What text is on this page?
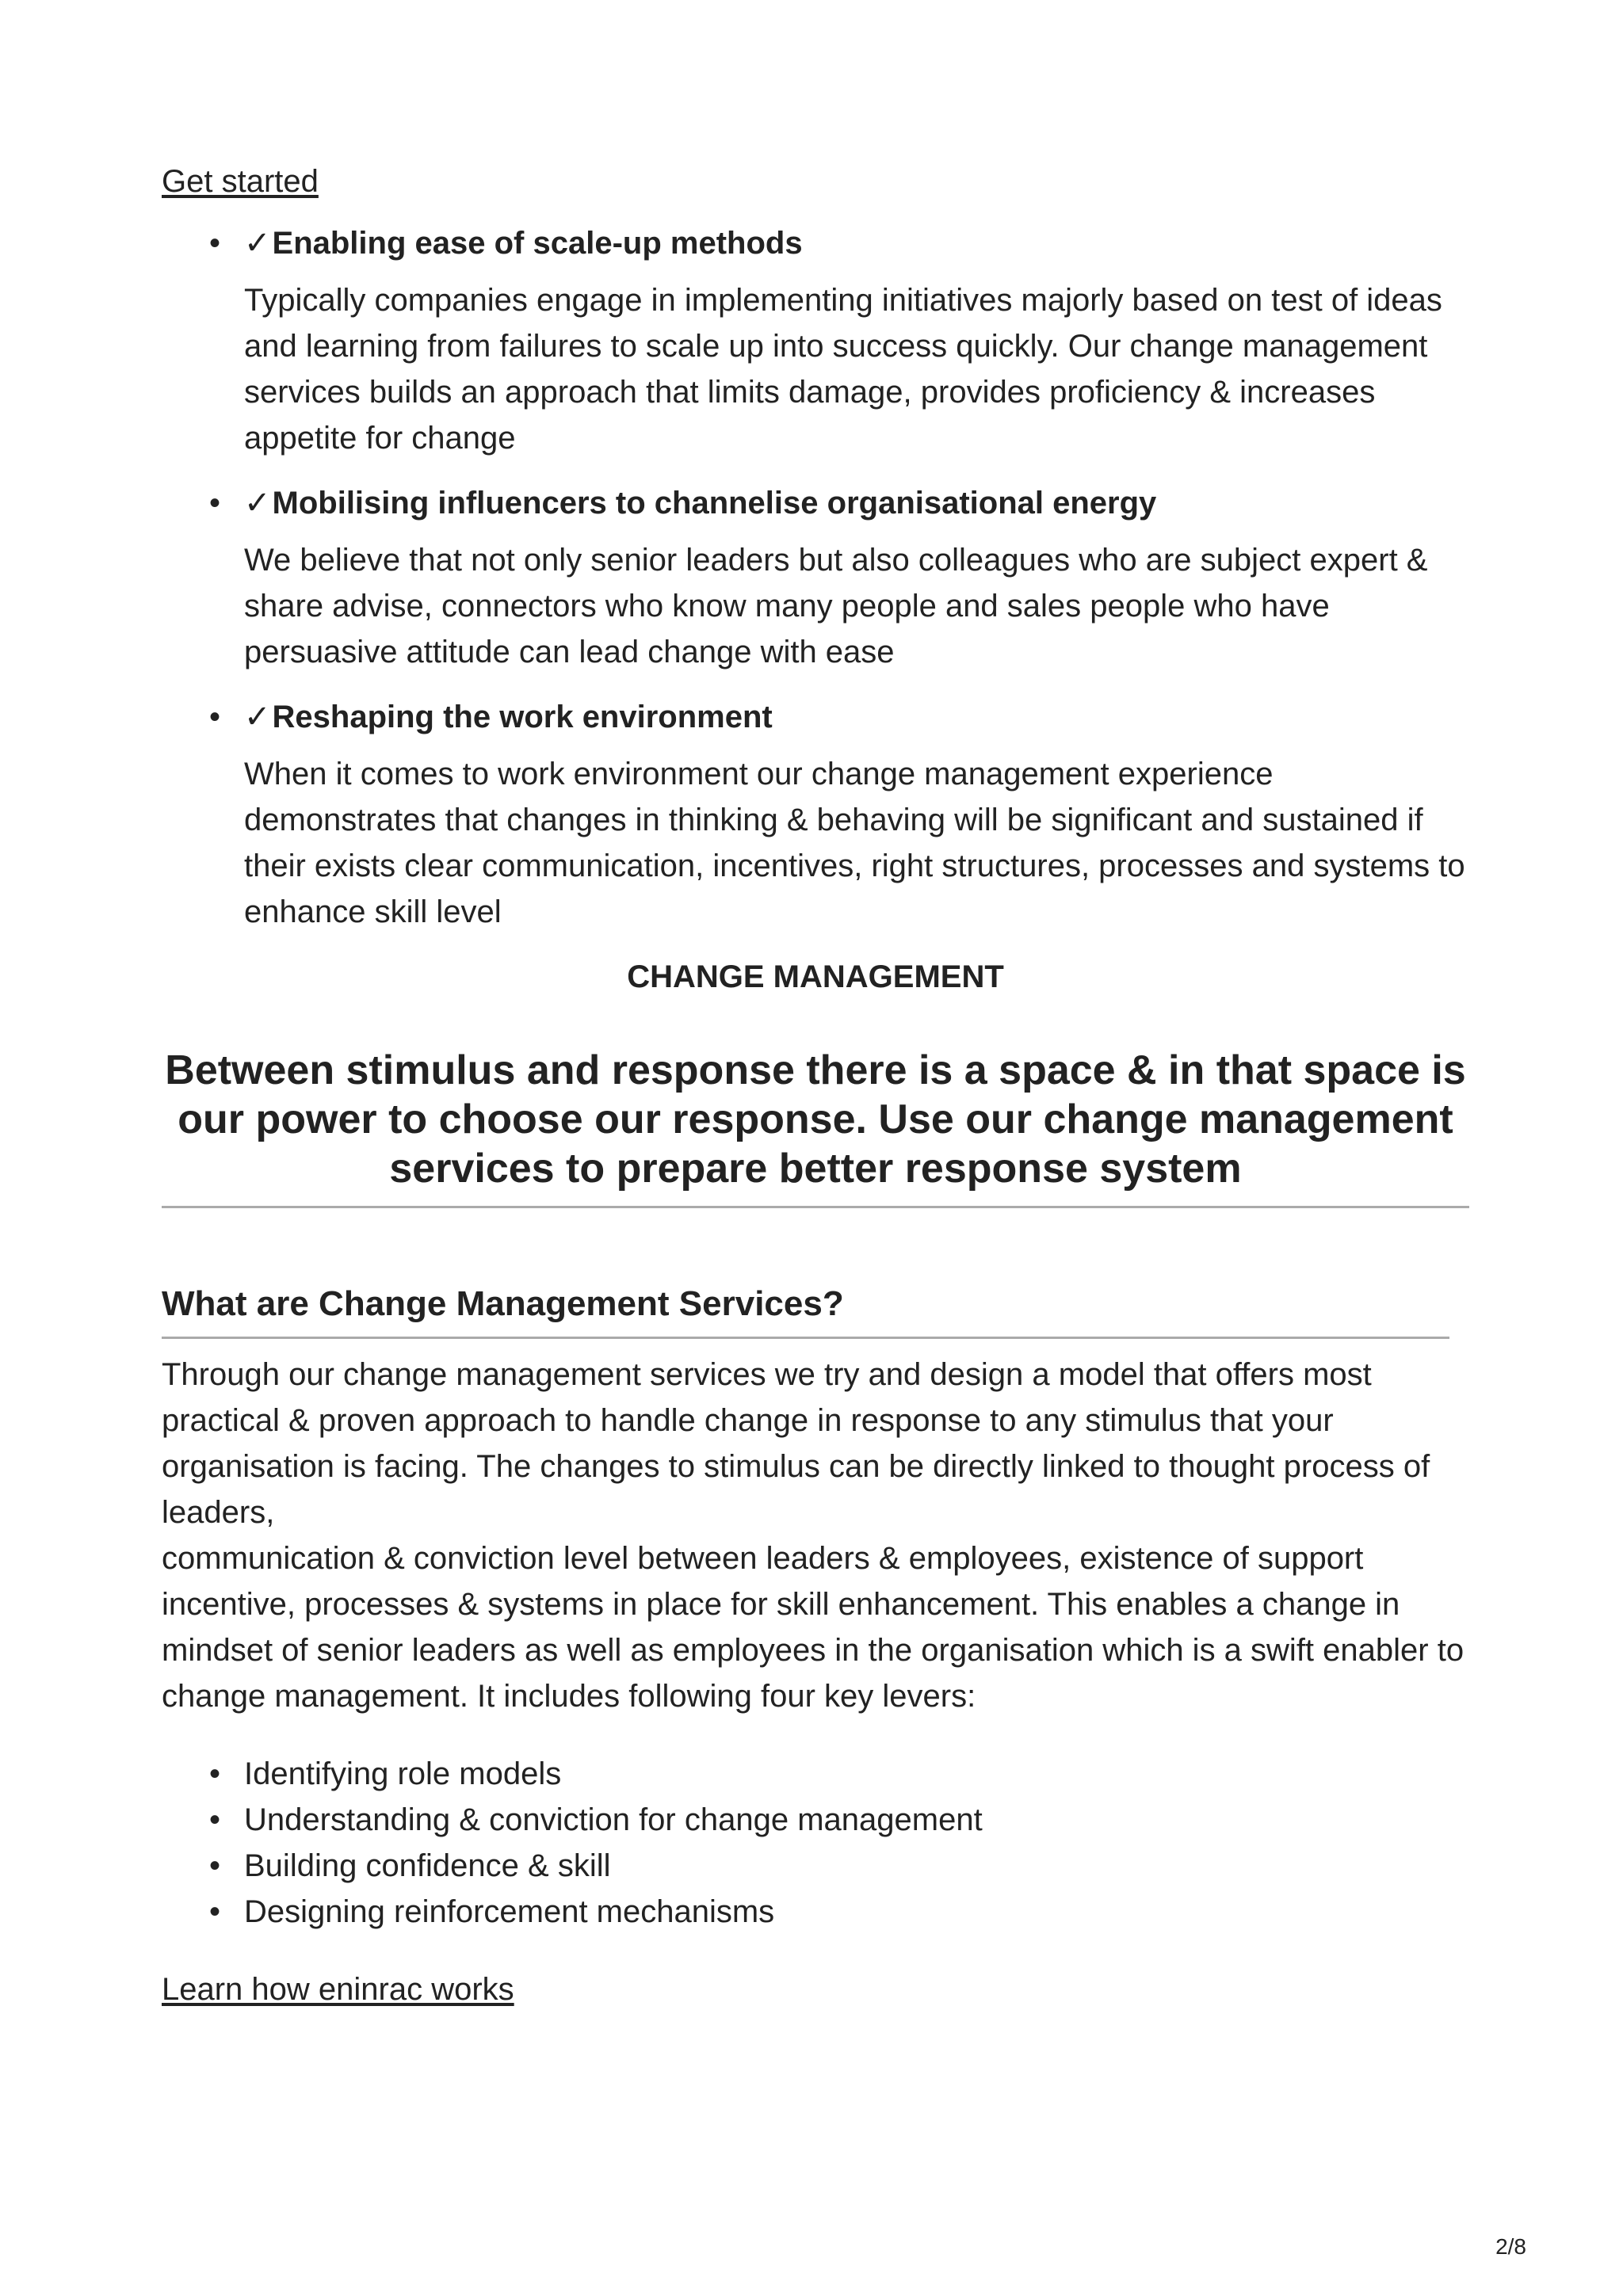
Get started
• ✓Enabling ease of scale-up methods
Typically companies engage in implementing initiatives majorly based on test of ideas and learning from failures to scale up into success quickly. Our change management services builds an approach that limits damage, provides proficiency & increases appetite for change
• ✓Mobilising influencers to channelise organisational energy
We believe that not only senior leaders but also colleagues who are subject expert & share advise, connectors who know many people and sales people who have persuasive attitude can lead change with ease
• ✓Reshaping the work environment
When it comes to work environment our change management experience demonstrates that changes in thinking & behaving will be significant and sustained if their exists clear communication, incentives, right structures, processes and systems to enhance skill level
CHANGE MANAGEMENT
Between stimulus and response there is a space & in that space is our power to choose our response. Use our change management services to prepare better response system
What are Change Management Services?
Through our change management services we try and design a model that offers most practical & proven approach to handle change in response to any stimulus that your organisation is facing. The changes to stimulus can be directly linked to thought process of leaders,
communication & conviction level between leaders & employees, existence of support incentive, processes & systems in place for skill enhancement. This enables a change in mindset of senior leaders as well as employees in the organisation which is a swift enabler to change management. It includes following four key levers:
• Identifying role models
• Understanding & conviction for change management
• Building confidence & skill
• Designing reinforcement mechanisms
Learn how eninrac works
2/8
